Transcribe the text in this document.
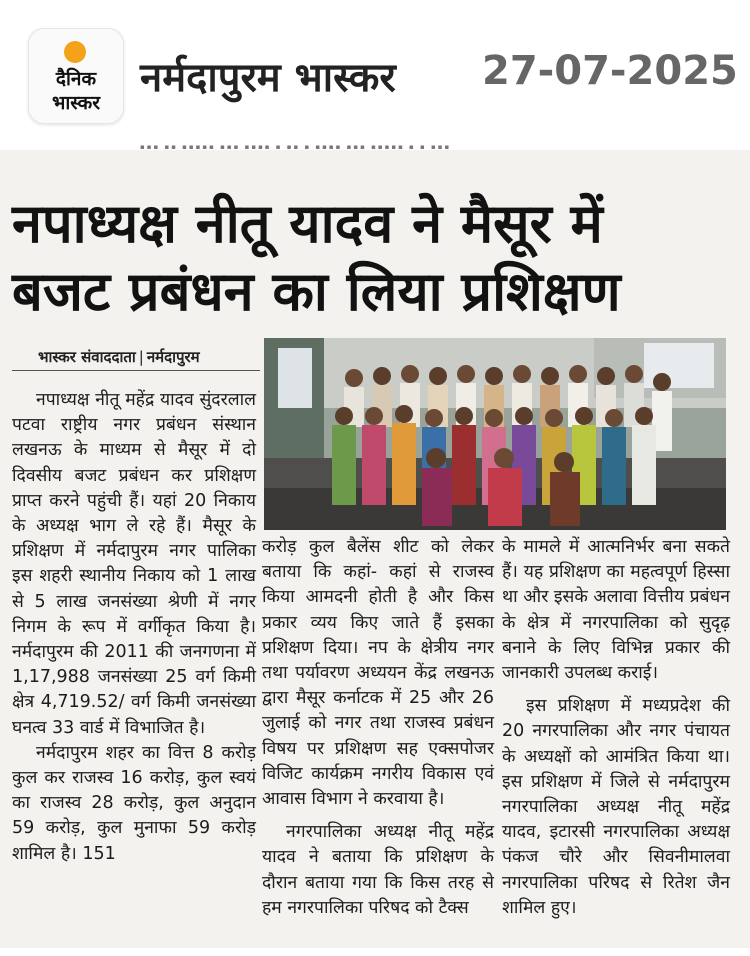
दैनिक
भास्कर
नर्मदापुरम भास्कर 27-07-2025
▪▪▪ ▪▪ ▪▪▪▪▪ ▪▪▪ ▪▪▪▪ ▪ ▪▪ ▪ ▪▪▪▪ ▪▪▪ ▪▪▪▪▪ ▪ ▪ ▪▪▪
नपाध्यक्ष नीतू यादव ने मैसूर में
बजट प्रबंधन का लिया प्रशिक्षण
भास्कर संवाददाता | नर्मदापुरम

नपाध्यक्ष नीतू महेंद्र यादव सुंदरलाल पटवा राष्ट्रीय नगर प्रबंधन संस्थान लखनऊ के माध्यम से मैसूर में दो दिवसीय बजट प्रबंधन कर प्रशिक्षण प्राप्त करने पहुंची हैं। यहां 20 निकाय के अध्यक्ष भाग ले रहे हैं। मैसूर के प्रशिक्षण में नर्मदापुरम नगर पालिका इस शहरी स्थानीय निकाय को 1 लाख से 5 लाख जनसंख्या श्रेणी में नगर निगम के रूप में वर्गीकृत किया है। नर्मदापुरम की 2011 की जनगणना में 1,17,988 जनसंख्या 25 वर्ग किमी क्षेत्र 4,719.52/ वर्ग किमी जनसंख्या घनत्व 33 वार्ड में विभाजित है।

नर्मदापुरम शहर का वित्त 8 करोड़ कुल कर राजस्व 16 करोड़, कुल स्वयं का राजस्व 28 करोड़, कुल अनुदान 59 करोड़, कुल मुनाफा 59 करोड़ शामिल है। 151

करोड़ कुल बैलेंस शीट को लेकर बताया कि कहां- कहां से राजस्व किया आमदनी होती है और किस प्रकार व्यय किए जाते हैं इसका प्रशिक्षण दिया। नप के क्षेत्रीय नगर तथा पर्यावरण अध्ययन केंद्र लखनऊ द्वारा मैसूर कर्नाटक में 25 और 26 जुलाई को नगर तथा राजस्व प्रबंधन विषय पर प्रशिक्षण सह एक्सपोजर विजिट कार्यक्रम नगरीय विकास एवं आवास विभाग ने करवाया है।

नगरपालिका अध्यक्ष नीतू महेंद्र यादव ने बताया कि प्रशिक्षण के दौरान बताया गया कि किस तरह से हम नगरपालिका परिषद को टैक्स

के मामले में आत्मनिर्भर बना सकते हैं। यह प्रशिक्षण का महत्वपूर्ण हिस्सा था और इसके अलावा वित्तीय प्रबंधन के क्षेत्र में नगरपालिका को सुदृढ़ बनाने के लिए विभिन्न प्रकार की जानकारी उपलब्ध कराई।

इस प्रशिक्षण में मध्यप्रदेश की 20 नगरपालिका और नगर पंचायत के अध्यक्षों को आमंत्रित किया था। इस प्रशिक्षण में जिले से नर्मदापुरम नगरपालिका अध्यक्ष नीतू महेंद्र यादव, इटारसी नगरपालिका अध्यक्ष पंकज चौरे और सिवनीमालवा नगरपालिका परिषद से रितेश जैन शामिल हुए।
